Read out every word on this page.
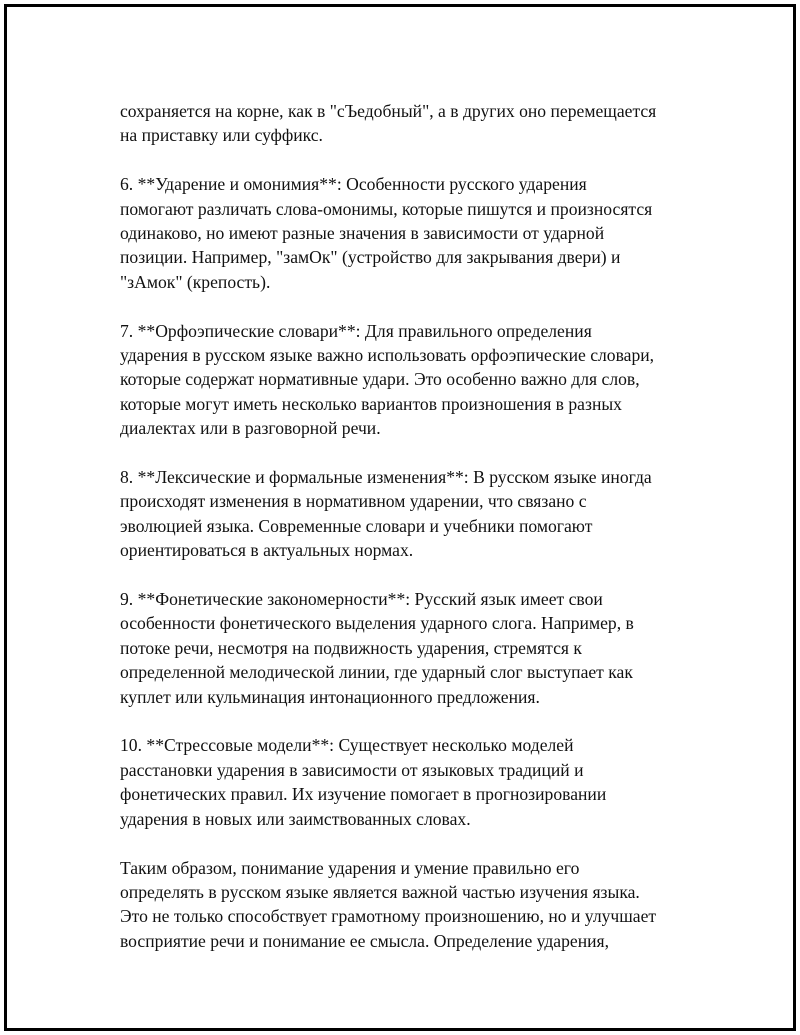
сохраняется на корне, как в "сЪедобный", а в других оно перемещается
на приставку или суффикс.

6. **Ударение и омонимия**: Особенности русского ударения
помогают различать слова-омонимы, которые пишутся и произносятся
одинаково, но имеют разные значения в зависимости от ударной
позиции. Например, "замОк" (устройство для закрывания двери) и
"зАмок" (крепость).

7. **Орфоэпические словари**: Для правильного определения
ударения в русском языке важно использовать орфоэпические словари,
которые содержат нормативные удари. Это особенно важно для слов,
которые могут иметь несколько вариантов произношения в разных
диалектах или в разговорной речи.

8. **Лексические и формальные изменения**: В русском языке иногда
происходят изменения в нормативном ударении, что связано с
эволюцией языка. Современные словари и учебники помогают
ориентироваться в актуальных нормах.

9. **Фонетические закономерности**: Русский язык имеет свои
особенности фонетического выделения ударного слога. Например, в
потоке речи, несмотря на подвижность ударения, стремятся к
определенной мелодической линии, где ударный слог выступает как
куплет или кульминация интонационного предложения.

10. **Стрессовые модели**: Существует несколько моделей
расстановки ударения в зависимости от языковых традиций и
фонетических правил. Их изучение помогает в прогнозировании
ударения в новых или заимствованных словах.

Таким образом, понимание ударения и умение правильно его
определять в русском языке является важной частью изучения языка.
Это не только способствует грамотному произношению, но и улучшает
восприятие речи и понимание ее смысла. Определение ударения,
